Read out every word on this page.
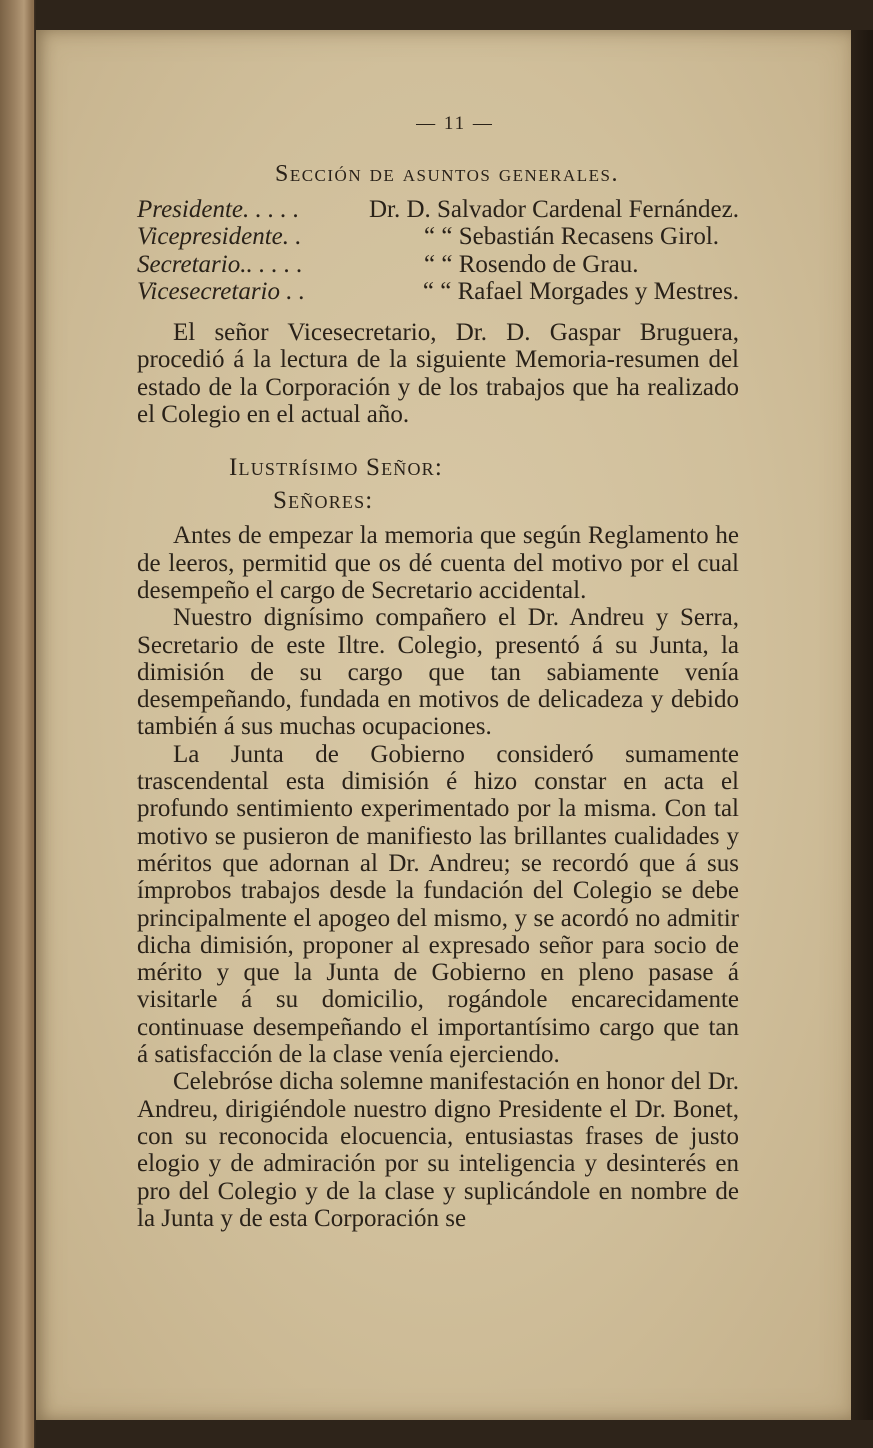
— 11 —
Sección de asuntos generales.
Presidente. . . . .	Dr. D. Salvador Cardenal Fernández.
Vicepresidente. .	“ “ Sebastián Recasens Girol.
Secretario.. . . . .	“ “ Rosendo de Grau.
Vicesecretario . .	“ “ Rafael Morgades y Mestres.

El señor Vicesecretario, Dr. D. Gaspar Bruguera, procedió á la lectura de la siguiente Memoria-resumen del estado de la Corporación y de los trabajos que ha realizado el Colegio en el actual año.

Ilustrísimo Señor:
Señores:

Antes de empezar la memoria que según Reglamento he de leeros, permitid que os dé cuenta del motivo por el cual desempeño el cargo de Secretario accidental.

Nuestro dignísimo compañero el Dr. Andreu y Serra, Secretario de este Iltre. Colegio, presentó á su Junta, la dimisión de su cargo que tan sabiamente venía desempeñando, fundada en motivos de delicadeza y debido también á sus muchas ocupaciones.

La Junta de Gobierno consideró sumamente trascendental esta dimisión é hizo constar en acta el profundo sentimiento experimentado por la misma. Con tal motivo se pusieron de manifiesto las brillantes cualidades y méritos que adornan al Dr. Andreu; se recordó que á sus ímprobos trabajos desde la fundación del Colegio se debe principalmente el apogeo del mismo, y se acordó no admitir dicha dimisión, proponer al expresado señor para socio de mérito y que la Junta de Gobierno en pleno pasase á visitarle á su domicilio, rogándole encarecidamente continuase desempeñando el importantísimo cargo que tan á satisfacción de la clase venía ejerciendo.

Celebróse dicha solemne manifestación en honor del Dr. Andreu, dirigiéndole nuestro digno Presidente el Dr. Bonet, con su reconocida elocuencia, entusiastas frases de justo elogio y de admiración por su inteligencia y desinterés en pro del Colegio y de la clase y suplicándole en nombre de la Junta y de esta Corporación se
